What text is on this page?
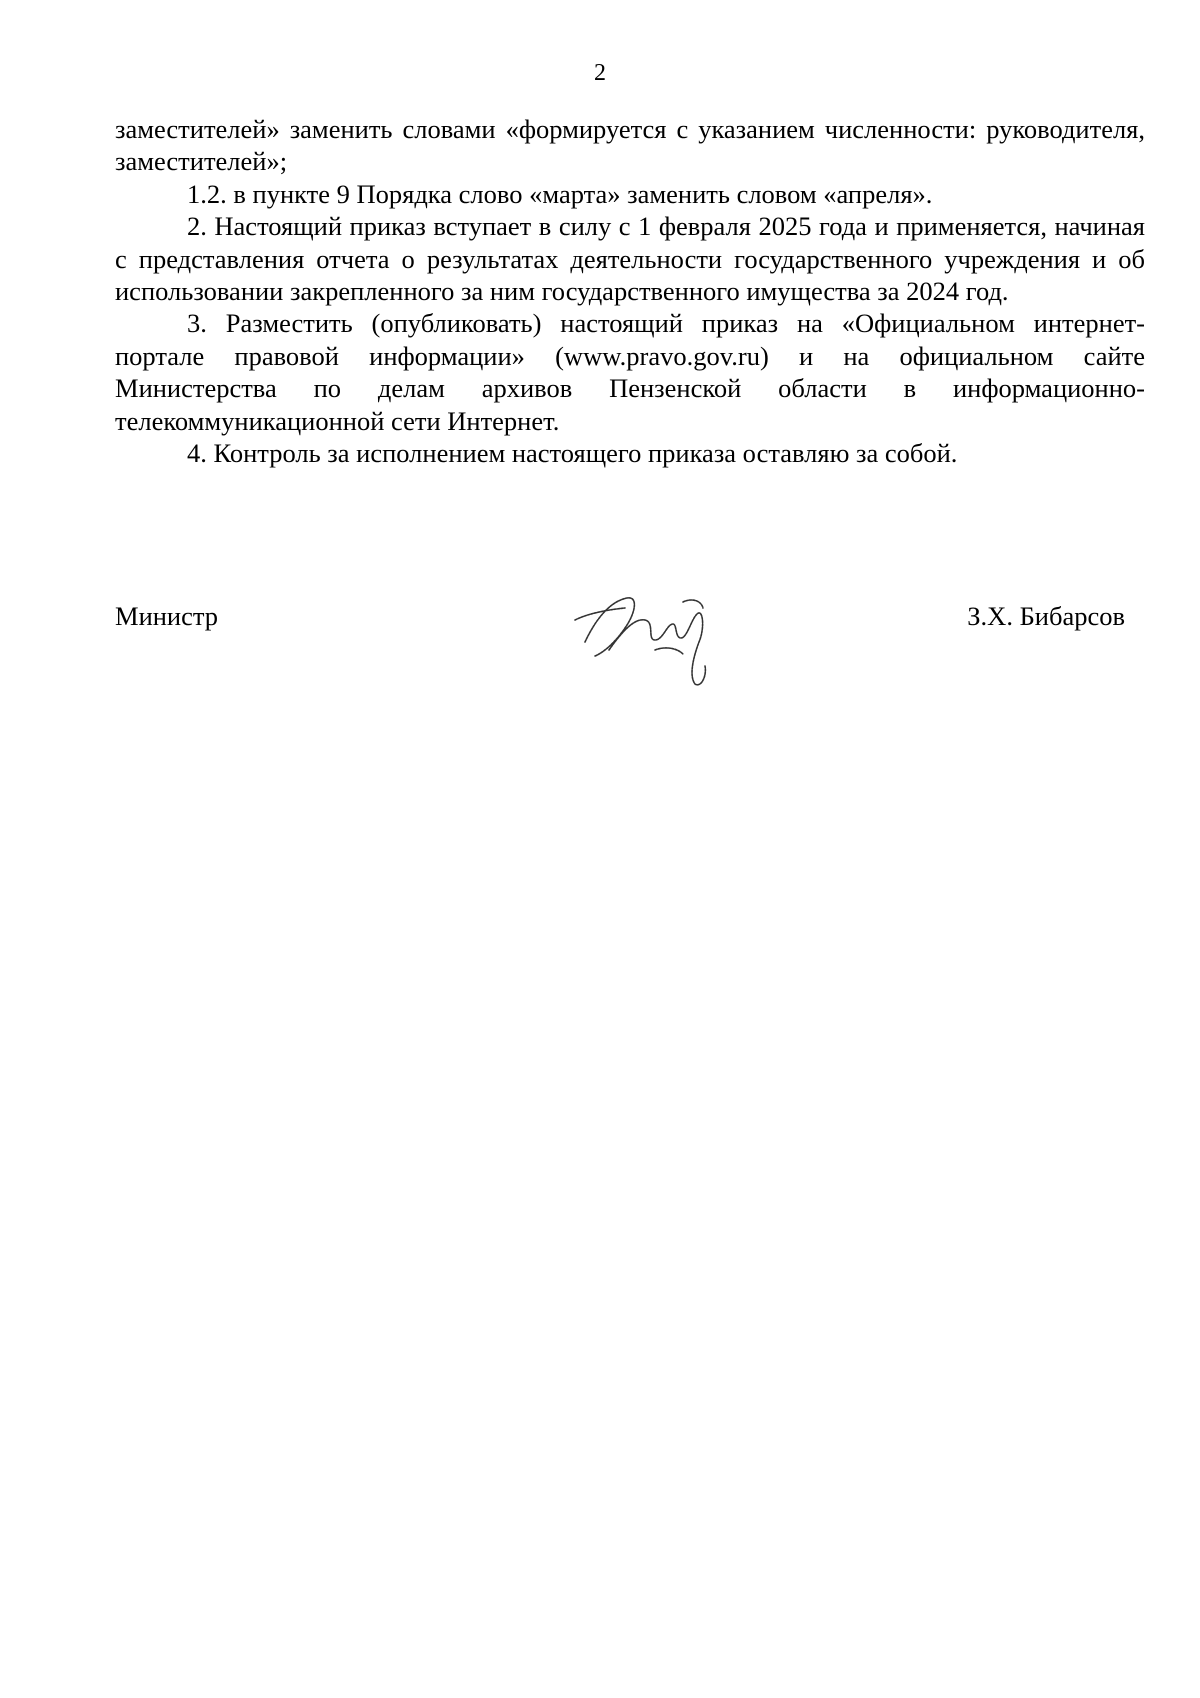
2

заместителей» заменить словами «формируется с указанием численности: руководителя, заместителей»;

1.2. в пункте 9 Порядка слово «марта» заменить словом «апреля».

2. Настоящий приказ вступает в силу с 1 февраля 2025 года и применяется, начиная с представления отчета о результатах деятельности государственного учреждения и об использовании закрепленного за ним государственного имущества за 2024 год.

3. Разместить (опубликовать) настоящий приказ на «Официальном интернет-портале правовой информации» (www.pravo.gov.ru) и на официальном сайте Министерства по делам архивов Пензенской области в информационно-телекоммуникационной сети Интернет.

4. Контроль за исполнением настоящего приказа оставляю за собой.

Министр	З.Х. Бибарсов
